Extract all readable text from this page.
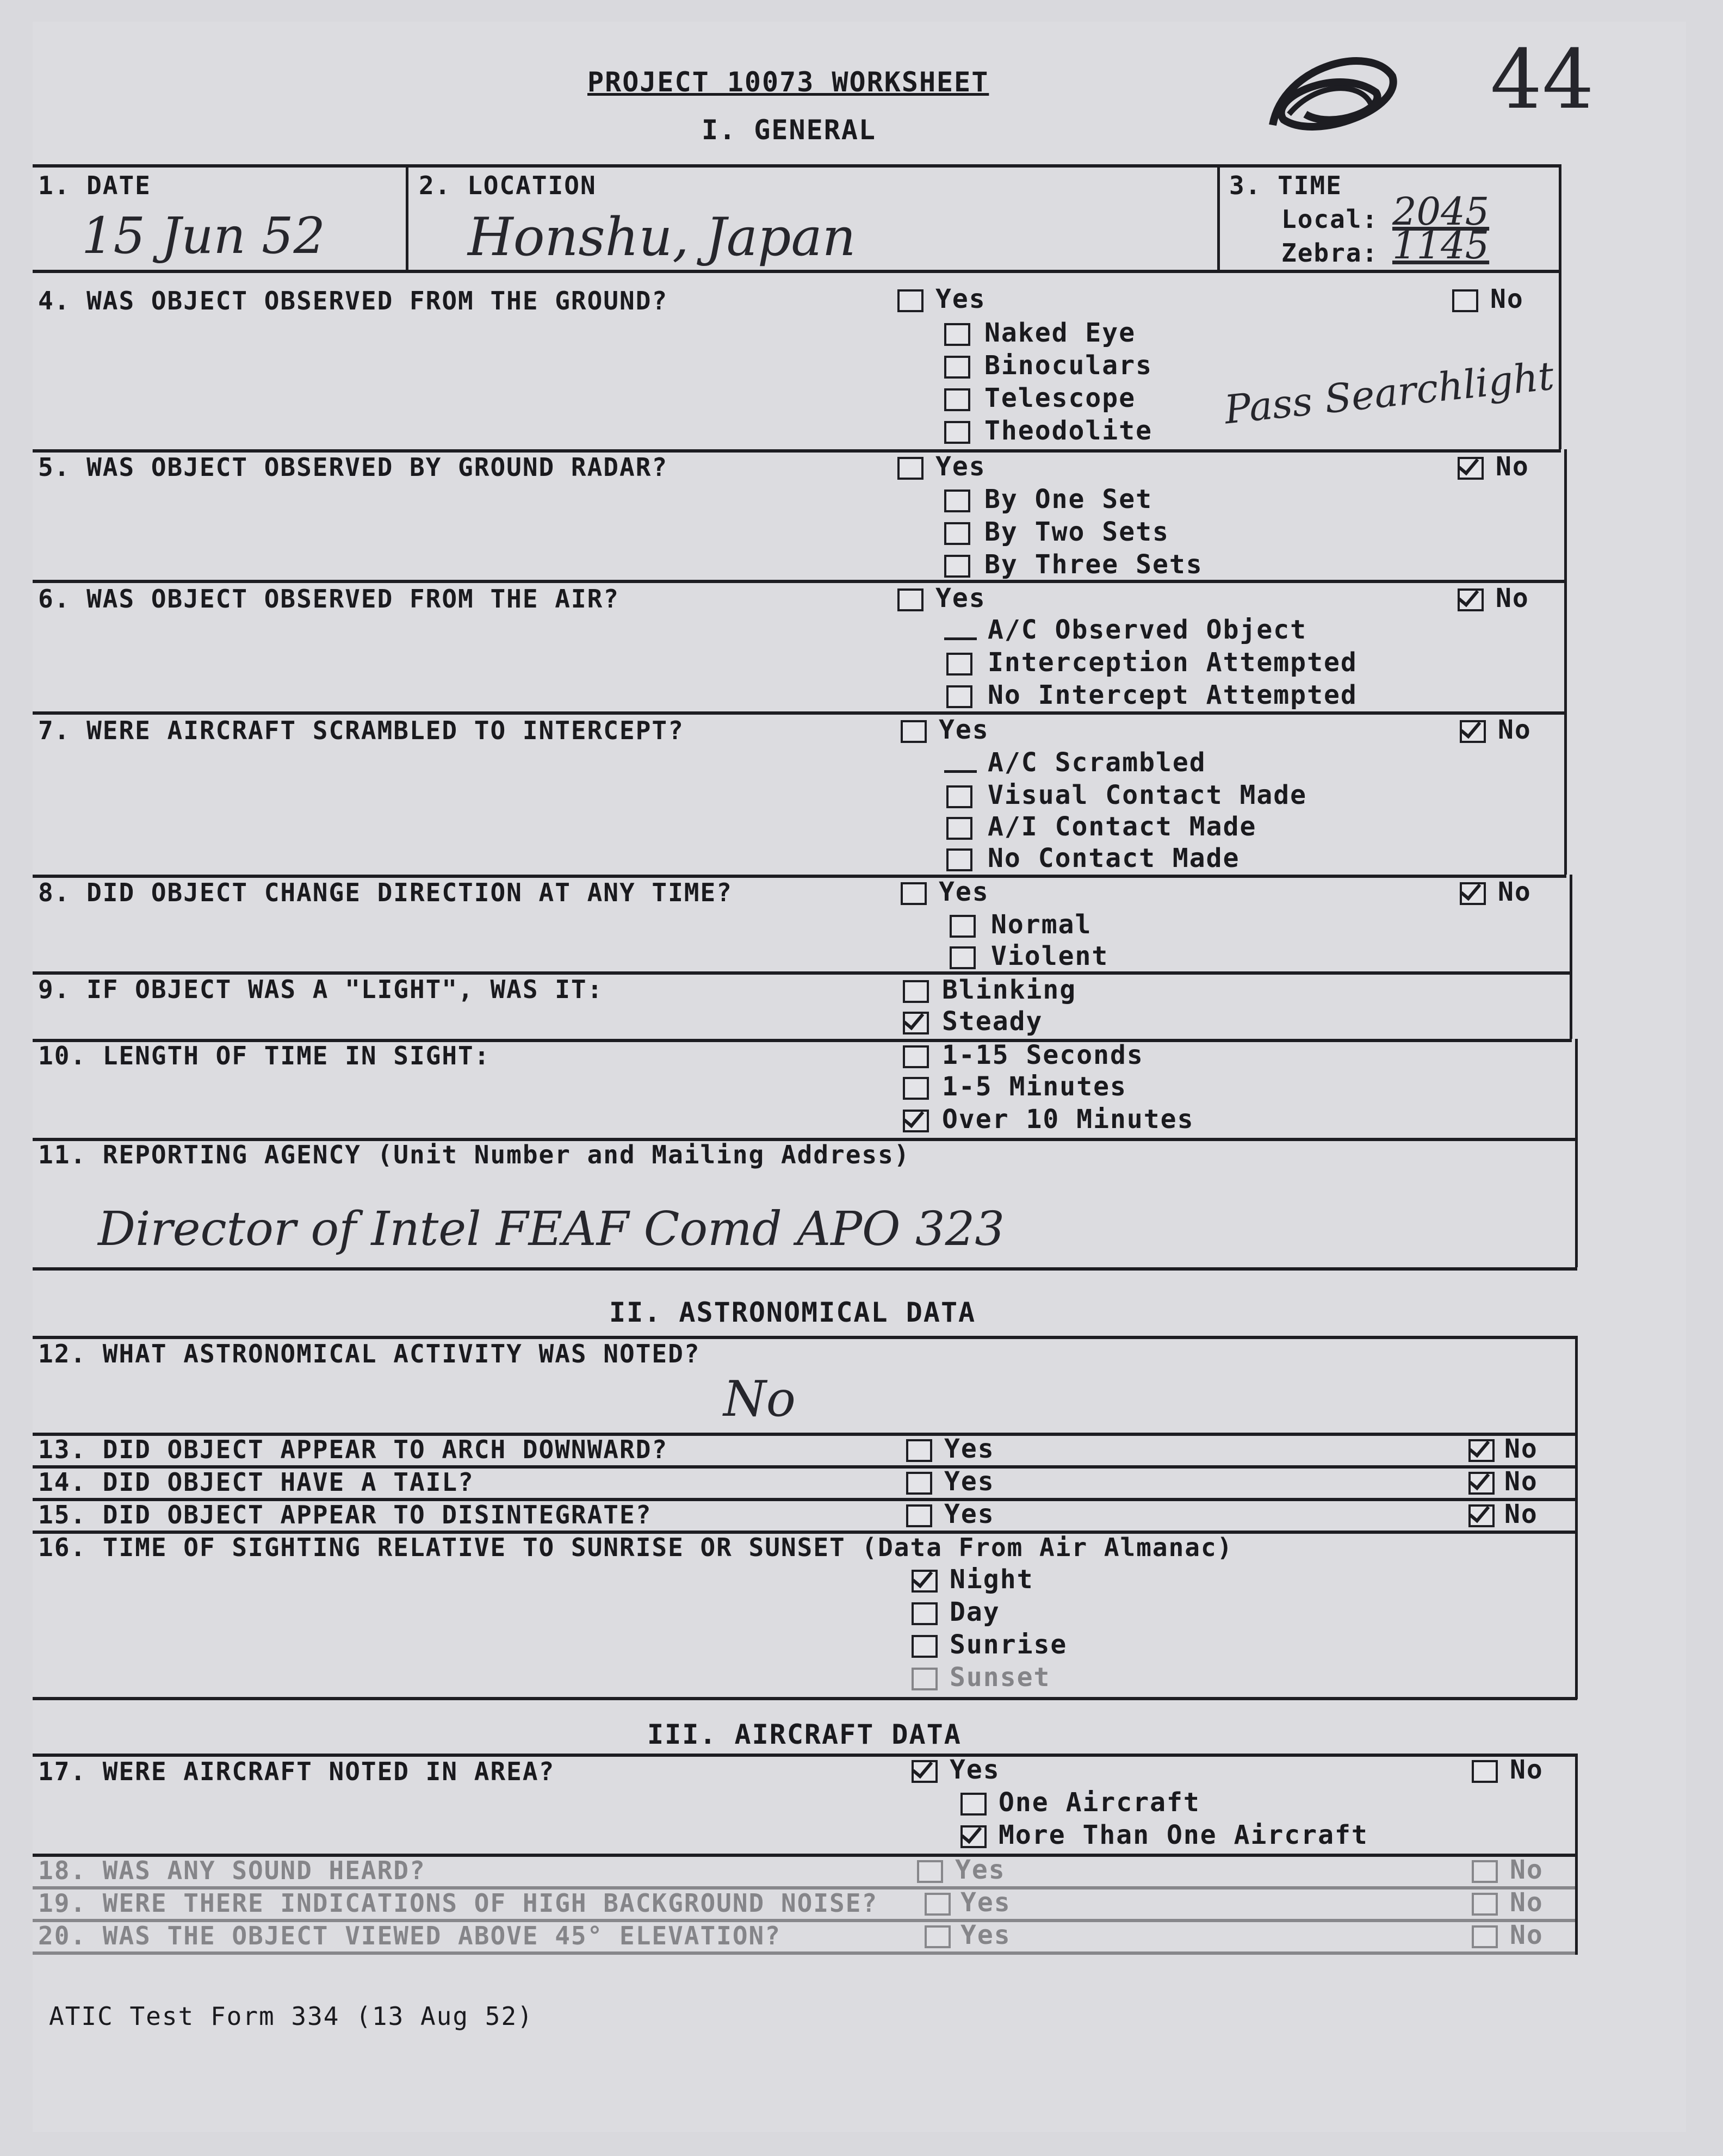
PROJECT 10073 WORKSHEET
I. GENERAL
44
1. DATE
15 Jun 52
2. LOCATION
Honshu, Japan
3. TIME
Local: 2045
Zebra: 1145
4. WAS OBJECT OBSERVED FROM THE GROUND?	Yes	No
Naked Eye
Binoculars
Telescope
Theodolite Pass Searchlight
5. WAS OBJECT OBSERVED BY GROUND RADAR?	Yes	No
By One Set
By Two Sets
By Three Sets
6. WAS OBJECT OBSERVED FROM THE AIR?	Yes	No
A/C Observed Object
Interception Attempted
No Intercept Attempted
7. WERE AIRCRAFT SCRAMBLED TO INTERCEPT?	Yes	No
A/C Scrambled
Visual Contact Made
A/I Contact Made
No Contact Made
8. DID OBJECT CHANGE DIRECTION AT ANY TIME?	Yes	No
Normal
Violent
9. IF OBJECT WAS A "LIGHT", WAS IT:	Blinking
Steady
10. LENGTH OF TIME IN SIGHT:	1-15 Seconds
1-5 Minutes
Over 10 Minutes
11. REPORTING AGENCY (Unit Number and Mailing Address)
Director of Intel FEAF Comd APO 323
II. ASTRONOMICAL DATA
12. WHAT ASTRONOMICAL ACTIVITY WAS NOTED?
No
13. DID OBJECT APPEAR TO ARCH DOWNWARD?	Yes	No
14. DID OBJECT HAVE A TAIL?	Yes	No
15. DID OBJECT APPEAR TO DISINTEGRATE?	Yes	No
16. TIME OF SIGHTING RELATIVE TO SUNRISE OR SUNSET (Data From Air Almanac)
Night
Day
Sunrise
Sunset
III. AIRCRAFT DATA
17. WERE AIRCRAFT NOTED IN AREA?	Yes	No
One Aircraft
More Than One Aircraft
18. WAS ANY SOUND HEARD?	Yes	No
19. WERE THERE INDICATIONS OF HIGH BACKGROUND NOISE?	Yes	No
20. WAS THE OBJECT VIEWED ABOVE 45° ELEVATION?	Yes	No
ATIC Test Form 334 (13 Aug 52)
